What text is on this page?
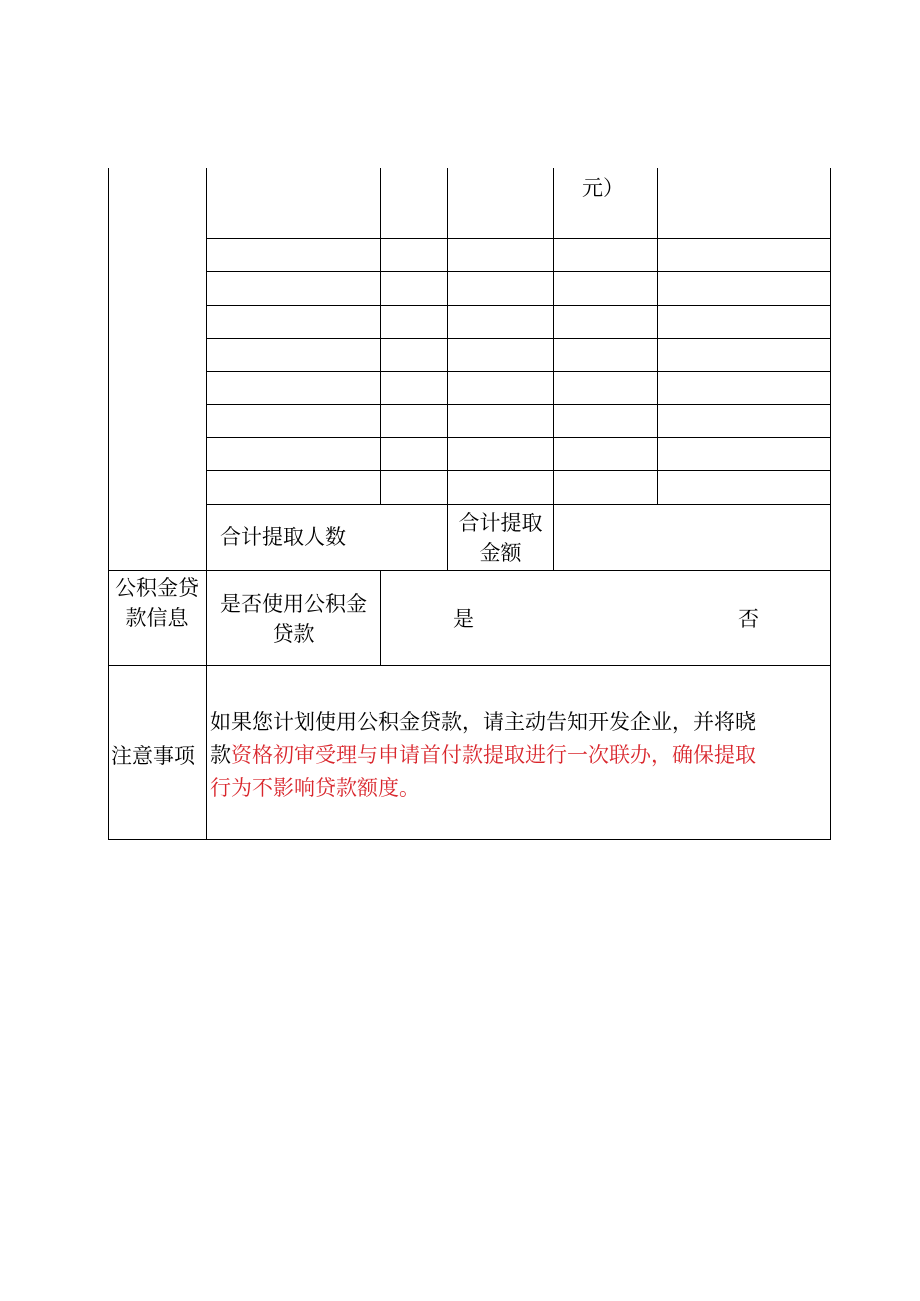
元）
合计提取人数
合计提取
金额
公积金贷
款信息
是否使用公积金
贷款
是	否
注意事项
如果您计划使用公积金贷款，请主动告知开发企业，并将晓
款资格初审受理与申请首付款提取进行一次联办，确保提取
行为不影响贷款额度。
